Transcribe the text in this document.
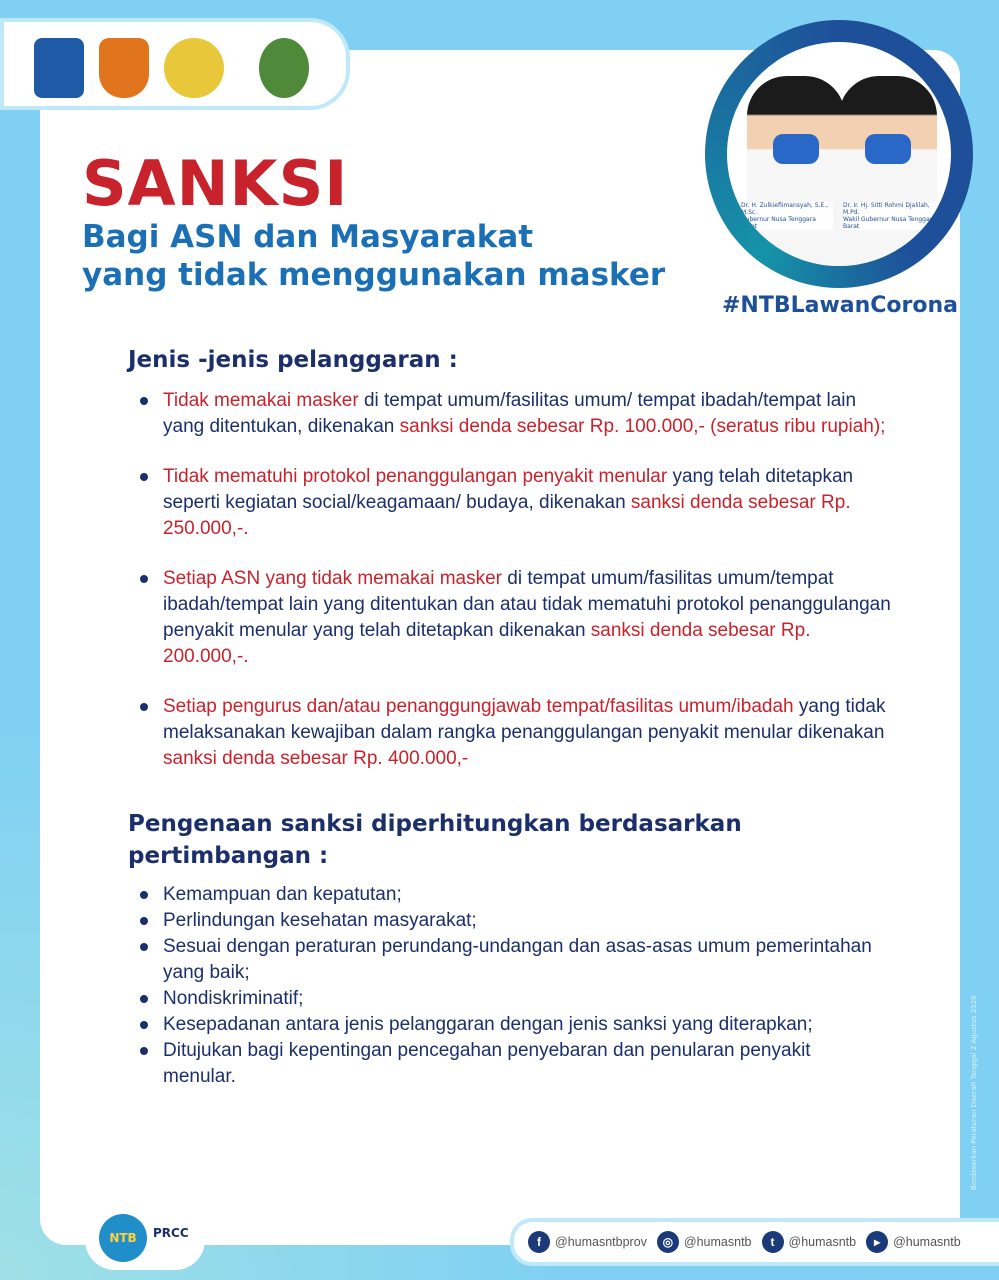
Dr. H. Zulkieflimansyah, S.E., M.Sc.
Gubernur Nusa Tenggara Barat
Dr. Ir. Hj. Sitti Rohmi Djalilah, M.Pd.
Wakil Gubernur Nusa Tenggara Barat
#NTBLawanCorona
SANKSI
Bagi ASN dan Masyarakat
yang tidak menggunakan masker
Jenis -jenis pelanggaran :
Tidak memakai masker di tempat umum/fasilitas umum/ tempat ibadah/tempat lain yang ditentukan, dikenakan sanksi denda sebesar Rp. 100.000,- (seratus ribu rupiah);
Tidak mematuhi protokol penanggulangan penyakit menular yang telah ditetapkan seperti kegiatan social/keagamaan/ budaya, dikenakan sanksi denda sebesar Rp. 250.000,-.
Setiap ASN yang tidak memakai masker di tempat umum/fasilitas umum/tempat ibadah/tempat lain yang ditentukan dan atau tidak mematuhi protokol penanggulangan penyakit menular yang telah ditetapkan dikenakan sanksi denda sebesar Rp. 200.000,-.
Setiap pengurus dan/atau penanggungjawab tempat/fasilitas umum/ibadah yang tidak melaksanakan kewajiban dalam rangka penanggulangan penyakit menular dikenakan sanksi denda sebesar Rp. 400.000,-
Pengenaan sanksi diperhitungkan berdasarkan pertimbangan :
Kemampuan dan kepatutan;
Perlindungan kesehatan masyarakat;
Sesuai dengan peraturan perundang-undangan dan asas-asas umum pemerintahan yang baik;
Nondiskriminatif;
Kesepadanan antara jenis pelanggaran dengan jenis sanksi yang diterapkan;
Ditujukan bagi kepentingan pencegahan penyebaran dan penularan penyakit menular.	Berdasarkan Peraturan Daerah Tanggal 2 Agustus 2020
NTB	PRCC
f	@humasntbprov	◎ @humasntb	t	@humasntb	▸	@humasntb
